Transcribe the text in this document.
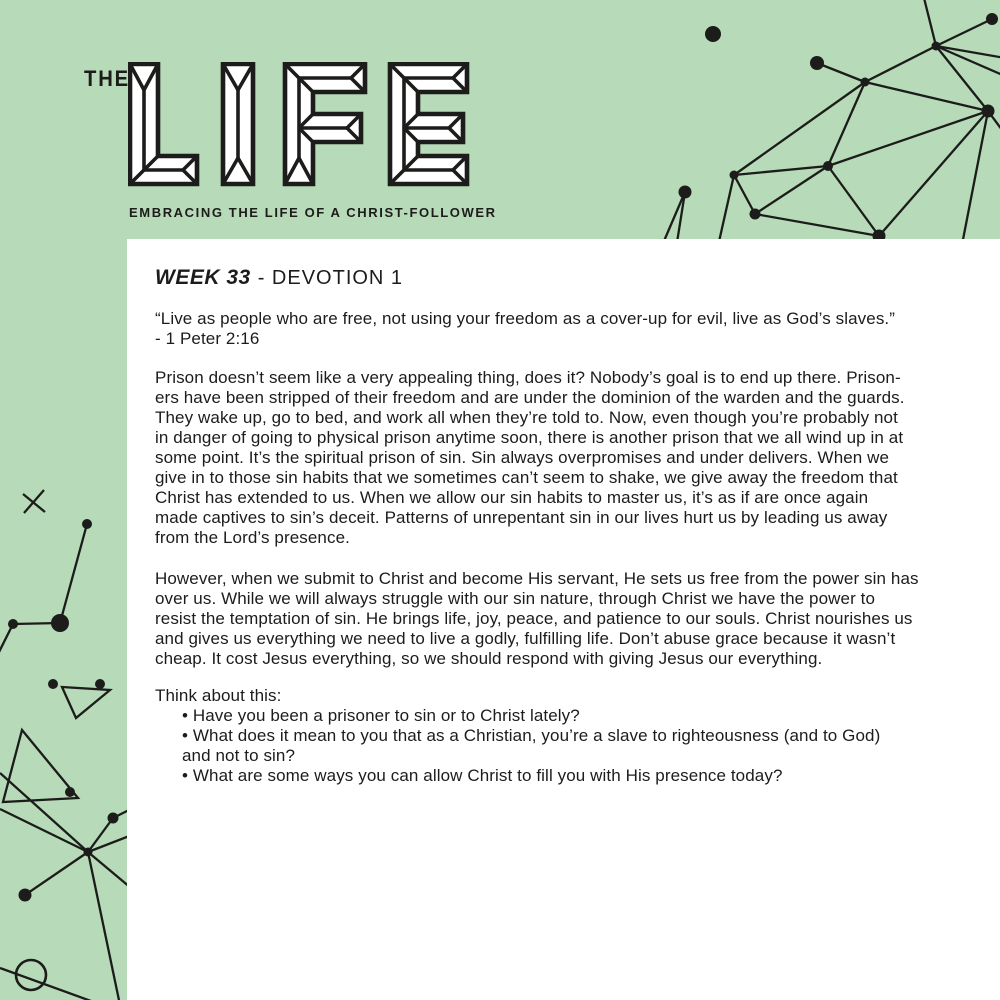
THE
EMBRACING THE LIFE OF A CHRIST-FOLLOWER
WEEK 33 - DEVOTION 1
“Live as people who are free, not using your freedom as a cover-up for evil, live as God’s slaves.”
- 1 Peter 2:16
Prison doesn’t seem like a very appealing thing, does it? Nobody’s goal is to end up there. Prison-
ers have been stripped of their freedom and are under the dominion of the warden and the guards.
They wake up, go to bed, and work all when they’re told to. Now, even though you’re probably not
in danger of going to physical prison anytime soon, there is another prison that we all wind up in at
some point. It’s the spiritual prison of sin. Sin always overpromises and under delivers. When we
give in to those sin habits that we sometimes can’t seem to shake, we give away the freedom that
Christ has extended to us. When we allow our sin habits to master us, it’s as if are once again
made captives to sin’s deceit. Patterns of unrepentant sin in our lives hurt us by leading us away
from the Lord’s presence.
However, when we submit to Christ and become His servant, He sets us free from the power sin has
over us. While we will always struggle with our sin nature, through Christ we have the power to
resist the temptation of sin. He brings life, joy, peace, and patience to our souls. Christ nourishes us
and gives us everything we need to live a godly, fulfilling life. Don’t abuse grace because it wasn’t
cheap. It cost Jesus everything, so we should respond with giving Jesus our everything.
Think about this:
• Have you been a prisoner to sin or to Christ lately?
• What does it mean to you that as a Christian, you’re a slave to righteousness (and to God)
and not to sin?
• What are some ways you can allow Christ to fill you with His presence today?
